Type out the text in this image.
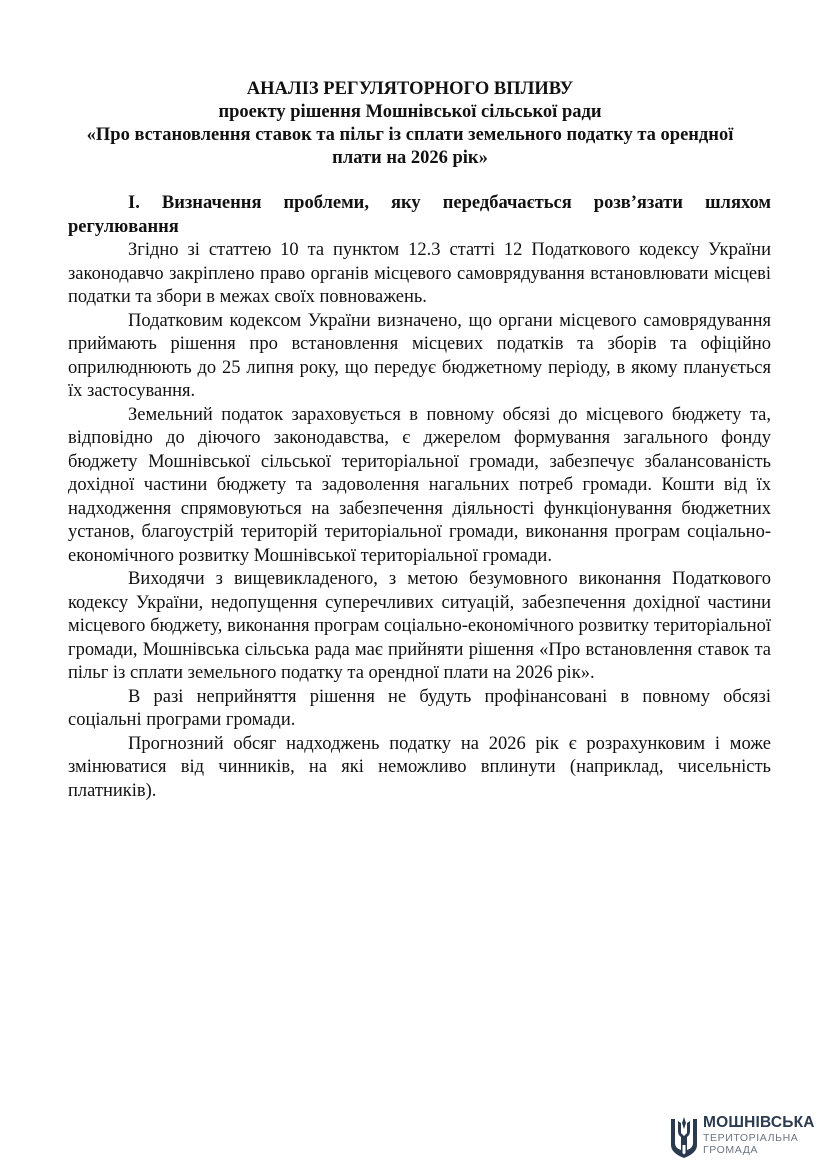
АНАЛІЗ РЕГУЛЯТОРНОГО ВПЛИВУ
проекту рішення Мошнівської сільської ради
«Про встановлення ставок та пільг із сплати земельного податку та орендної
плати на 2026 рік»

I. Визначення проблеми, яку передбачається розв’язати шляхом регулювання

Згідно зі статтею 10 та пунктом 12.3 статті 12 Податкового кодексу України законодавчо закріплено право органів місцевого самоврядування встановлювати місцеві податки та збори в межах своїх повноважень.

Податковим кодексом України визначено, що органи місцевого самоврядування приймають рішення про встановлення місцевих податків та зборів та офіційно оприлюднюють до 25 липня року, що передує бюджетному періоду, в якому планується їх застосування.

Земельний податок зараховується в повному обсязі до місцевого бюджету та, відповідно до діючого законодавства, є джерелом формування загального фонду бюджету Мошнівської сільської територіальної громади, забезпечує збалансованість дохідної частини бюджету та задоволення нагальних потреб громади. Кошти від їх надходження спрямовуються на забезпечення діяльності функціонування бюджетних установ, благоустрій територій територіальної громади, виконання програм соціально-економічного розвитку Мошнівської територіальної громади.

Виходячи з вищевикладеного, з метою безумовного виконання Податкового кодексу України, недопущення суперечливих ситуацій, забезпечення дохідної частини місцевого бюджету, виконання програм соціально-економічного розвитку територіальної громади, Мошнівська сільська рада має прийняти рішення «Про встановлення ставок та пільг із сплати земельного податку та орендної плати на 2026 рік».

В разі неприйняття рішення не будуть профінансовані в повному обсязі соціальні програми громади.

Прогнозний обсяг надходжень податку на 2026 рік є розрахунковим і може змінюватися від чинників, на які неможливо вплинути (наприклад, чисельність платників).

МОШНІВСЬКА
ТЕРИТОРІАЛЬНА
ГРОМАДА
